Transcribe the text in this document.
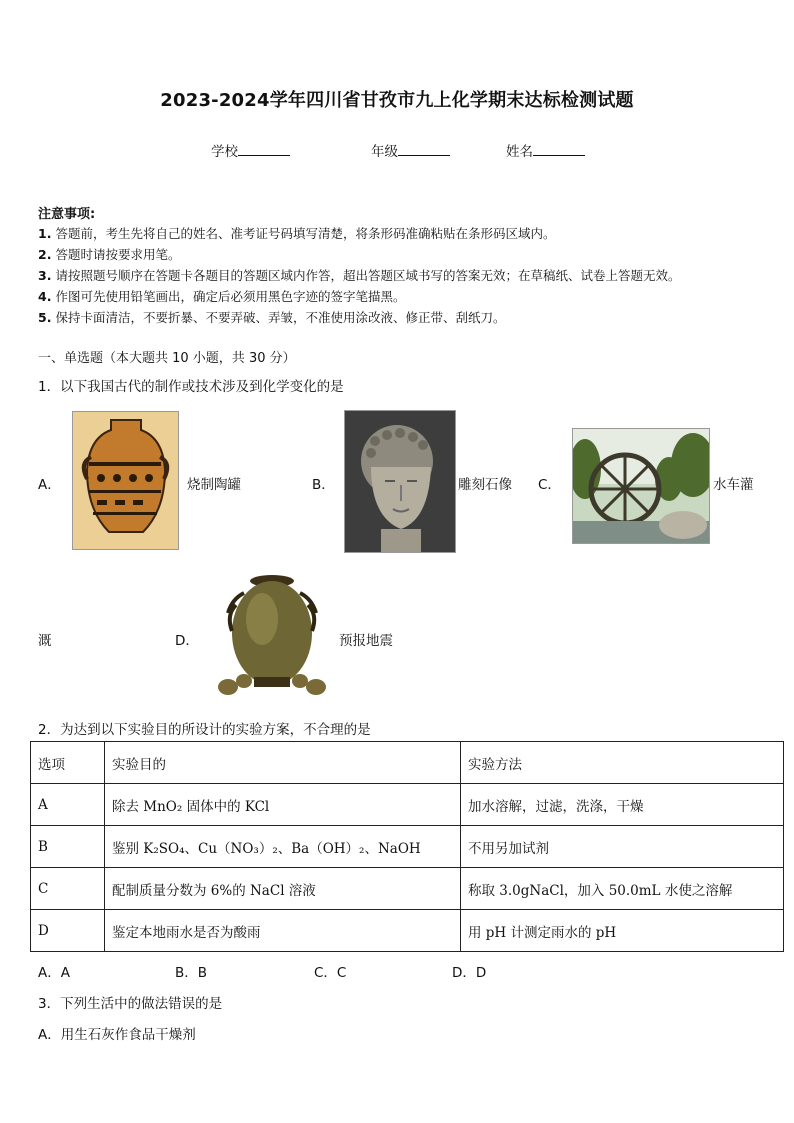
2023-2024学年四川省甘孜市九上化学期末达标检测试题
学校	年级	姓名
注意事项:
1. 答题前，考生先将自己的姓名、准考证号码填写清楚，将条形码准确粘贴在条形码区域内。
2. 答题时请按要求用笔。
3. 请按照题号顺序在答题卡各题目的答题区域内作答，超出答题区域书写的答案无效；在草稿纸、试卷上答题无效。
4. 作图可先使用铅笔画出，确定后必须用黑色字迹的签字笔描黑。
5. 保持卡面清洁，不要折暴、不要弄破、弄皱，不准使用涂改液、修正带、刮纸刀。
一、单选题（本大题共 10 小题，共 30 分）
1．以下我国古代的制作或技术涉及到化学变化的是
A．	烧制陶罐	B．	雕刻石像 C．	水车灌
溉	D．	预报地震
2．为达到以下实验目的所设计的实验方案，不合理的是
选项	实验目的	实验方法
A	除去 MnO₂ 固体中的 KCl	加水溶解，过滤，洗涤，干燥
B	鉴别 K₂SO₄、Cu（NO₃）₂、Ba（OH）₂、NaOH	不用另加试剂
C	配制质量分数为 6%的 NaCl 溶液	称取 3.0gNaCl，加入 50.0mL 水使之溶解
D	鉴定本地雨水是否为酸雨	用 pH 计测定雨水的 pH
A．A	B．B	C．C	D．D
3．下列生活中的做法错误的是
A．用生石灰作食品干燥剂
